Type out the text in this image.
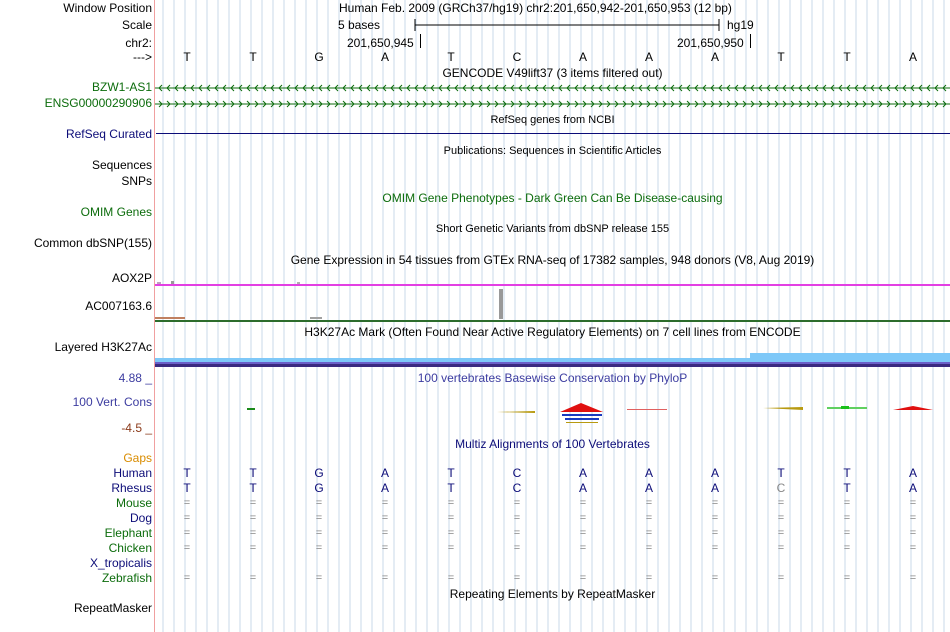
Window Position	Human Feb. 2009 (GRCh37/hg19) chr2:201,650,942-201,650,953 (12 bp)
Scale	5 bases	hg19
chr2:	201,650,945	201,650,950
--->	T	T	G	A	T	C	A	A	A	T	T	A
GENCODE V49lift37 (3 items filtered out)
BZW1-AS1
ENSG00000290906
RefSeq genes from NCBI
RefSeq Curated
Publications: Sequences in Scientific Articles
Sequences
SNPs
OMIM Gene Phenotypes - Dark Green Can Be Disease-causing
OMIM Genes
Short Genetic Variants from dbSNP release 155
Common dbSNP(155)
Gene Expression in 54 tissues from GTEx RNA-seq of 17382 samples, 948 donors (V8, Aug 2019)
AOX2P
AC007163.6
H3K27Ac Mark (Often Found Near Active Regulatory Elements) on 7 cell lines from ENCODE
Layered H3K27Ac
4.88 _	100 vertebrates Basewise Conservation by PhyloP
100 Vert. Cons
-4.5 _
Multiz Alignments of 100 Vertebrates
Gaps
Human	T	T	G	A	T	C	A	A	A	T	T	A
Rhesus	T	T	G	A	T	C	A	A	A	C	T	A
Mouse	=	=	=	=	=	=	=	=	=	=	=	=
Dog	=	=	=	=	=	=	=	=	=	=	=	=
Elephant	=	=	=	=	=	=	=	=	=	=	=	=
Chicken	=	=	=	=	=	=	=	=	=	=	=	=
X_tropicalis
Zebrafish	=	=	=	=	=	=	=	=	=	=	=	=
Repeating Elements by RepeatMasker
RepeatMasker
